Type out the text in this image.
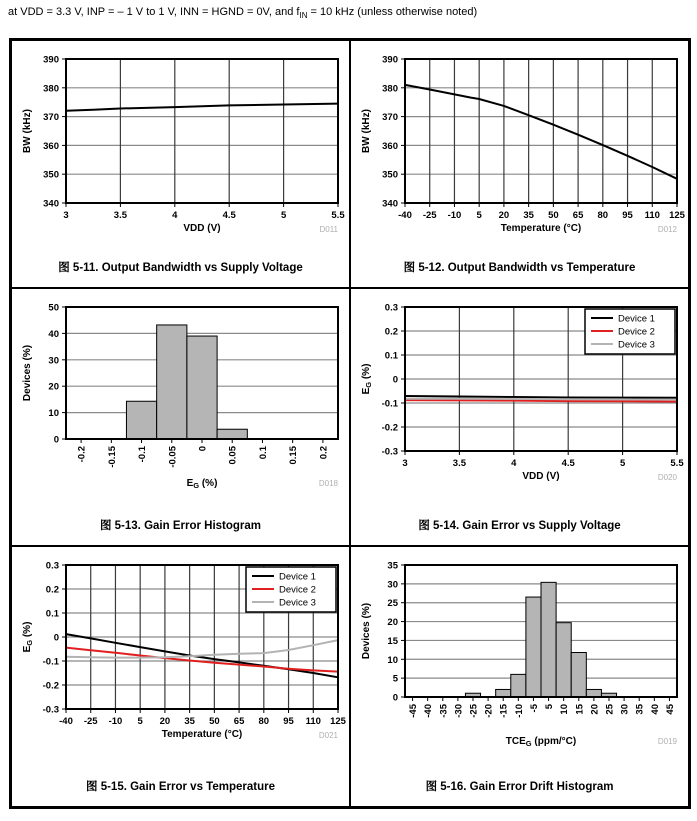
at VDD = 3.3 V, INP = – 1 V to 1 V, INN = HGND = 0V, and $f_{IN} = 10$ kHz (unless otherwise noted)
340
350
360
370
380
390
3	3.5	4	4.5	5	5.5
VDD (V)
BW (kHz)
D011
图 5-11. Output Bandwidth vs Supply Voltage
340
350
360
370
380
390
-40 -25 -10 5 20 35 50 65 80 95 110 125
Temperature (°C)
BW (kHz)
D012
图 5-12. Output Bandwidth vs Temperature
0
10
20
30
40
50
-0.2 -0.15 -0.1 -0.05 0 0.05 0.1 0.15 0.2
$E_G$ (%)
Devices (%)
D018
图 5-13. Gain Error Histogram
-0.3
-0.2
-0.1
0
0.1
0.2
0.3
3	3.5	4	4.5	5	5.5
VDD (V)
$E_G$ (%)
D020
Device 1
Device 2
Device 3
图 5-14. Gain Error vs Supply Voltage
-0.3
-0.2
-0.1
0
0.1
0.2
0.3
-40 -25 -10 5 20 35 50 65 80 95 110 125
Temperature (°C)
$E_G$ (%)
D021
Device 1
Device 2
Device 3
图 5-15. Gain Error vs Temperature
0
5
10
15
20
25
30
35
-45 -40 -35 -30 -25 -20 -15 -10 -5 5 10 15 20 25 30 35 40 45
$TCE_G$ (ppm/°C)
Devices (%)
D019
图 5-16. Gain Error Drift Histogram
